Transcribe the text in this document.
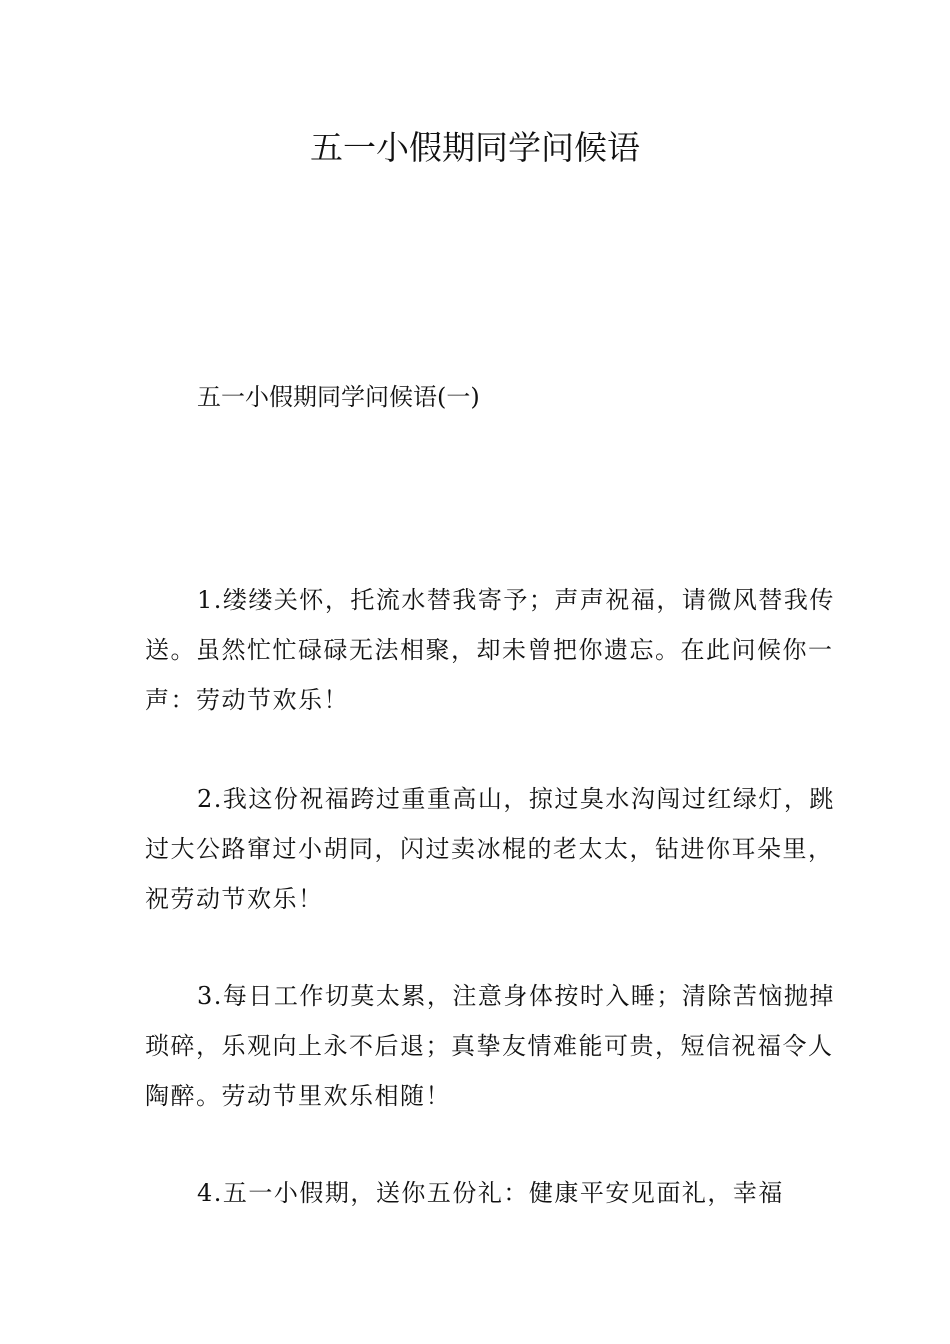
五一小假期同学问候语
五一小假期同学问候语(一)

1.缕缕关怀，托流水替我寄予；声声祝福，请微风替我传送。虽然忙忙碌碌无法相聚，却未曾把你遗忘。在此问候你一声：劳动节欢乐！

2.我这份祝福跨过重重高山，掠过臭水沟闯过红绿灯，跳过大公路窜过小胡同，闪过卖冰棍的老太太，钻进你耳朵里，祝劳动节欢乐！

3.每日工作切莫太累，注意身体按时入睡；清除苦恼抛掉琐碎，乐观向上永不后退；真挚友情难能可贵，短信祝福令人陶醉。劳动节里欢乐相随！

4.五一小假期，送你五份礼：健康平安见面礼，幸福
